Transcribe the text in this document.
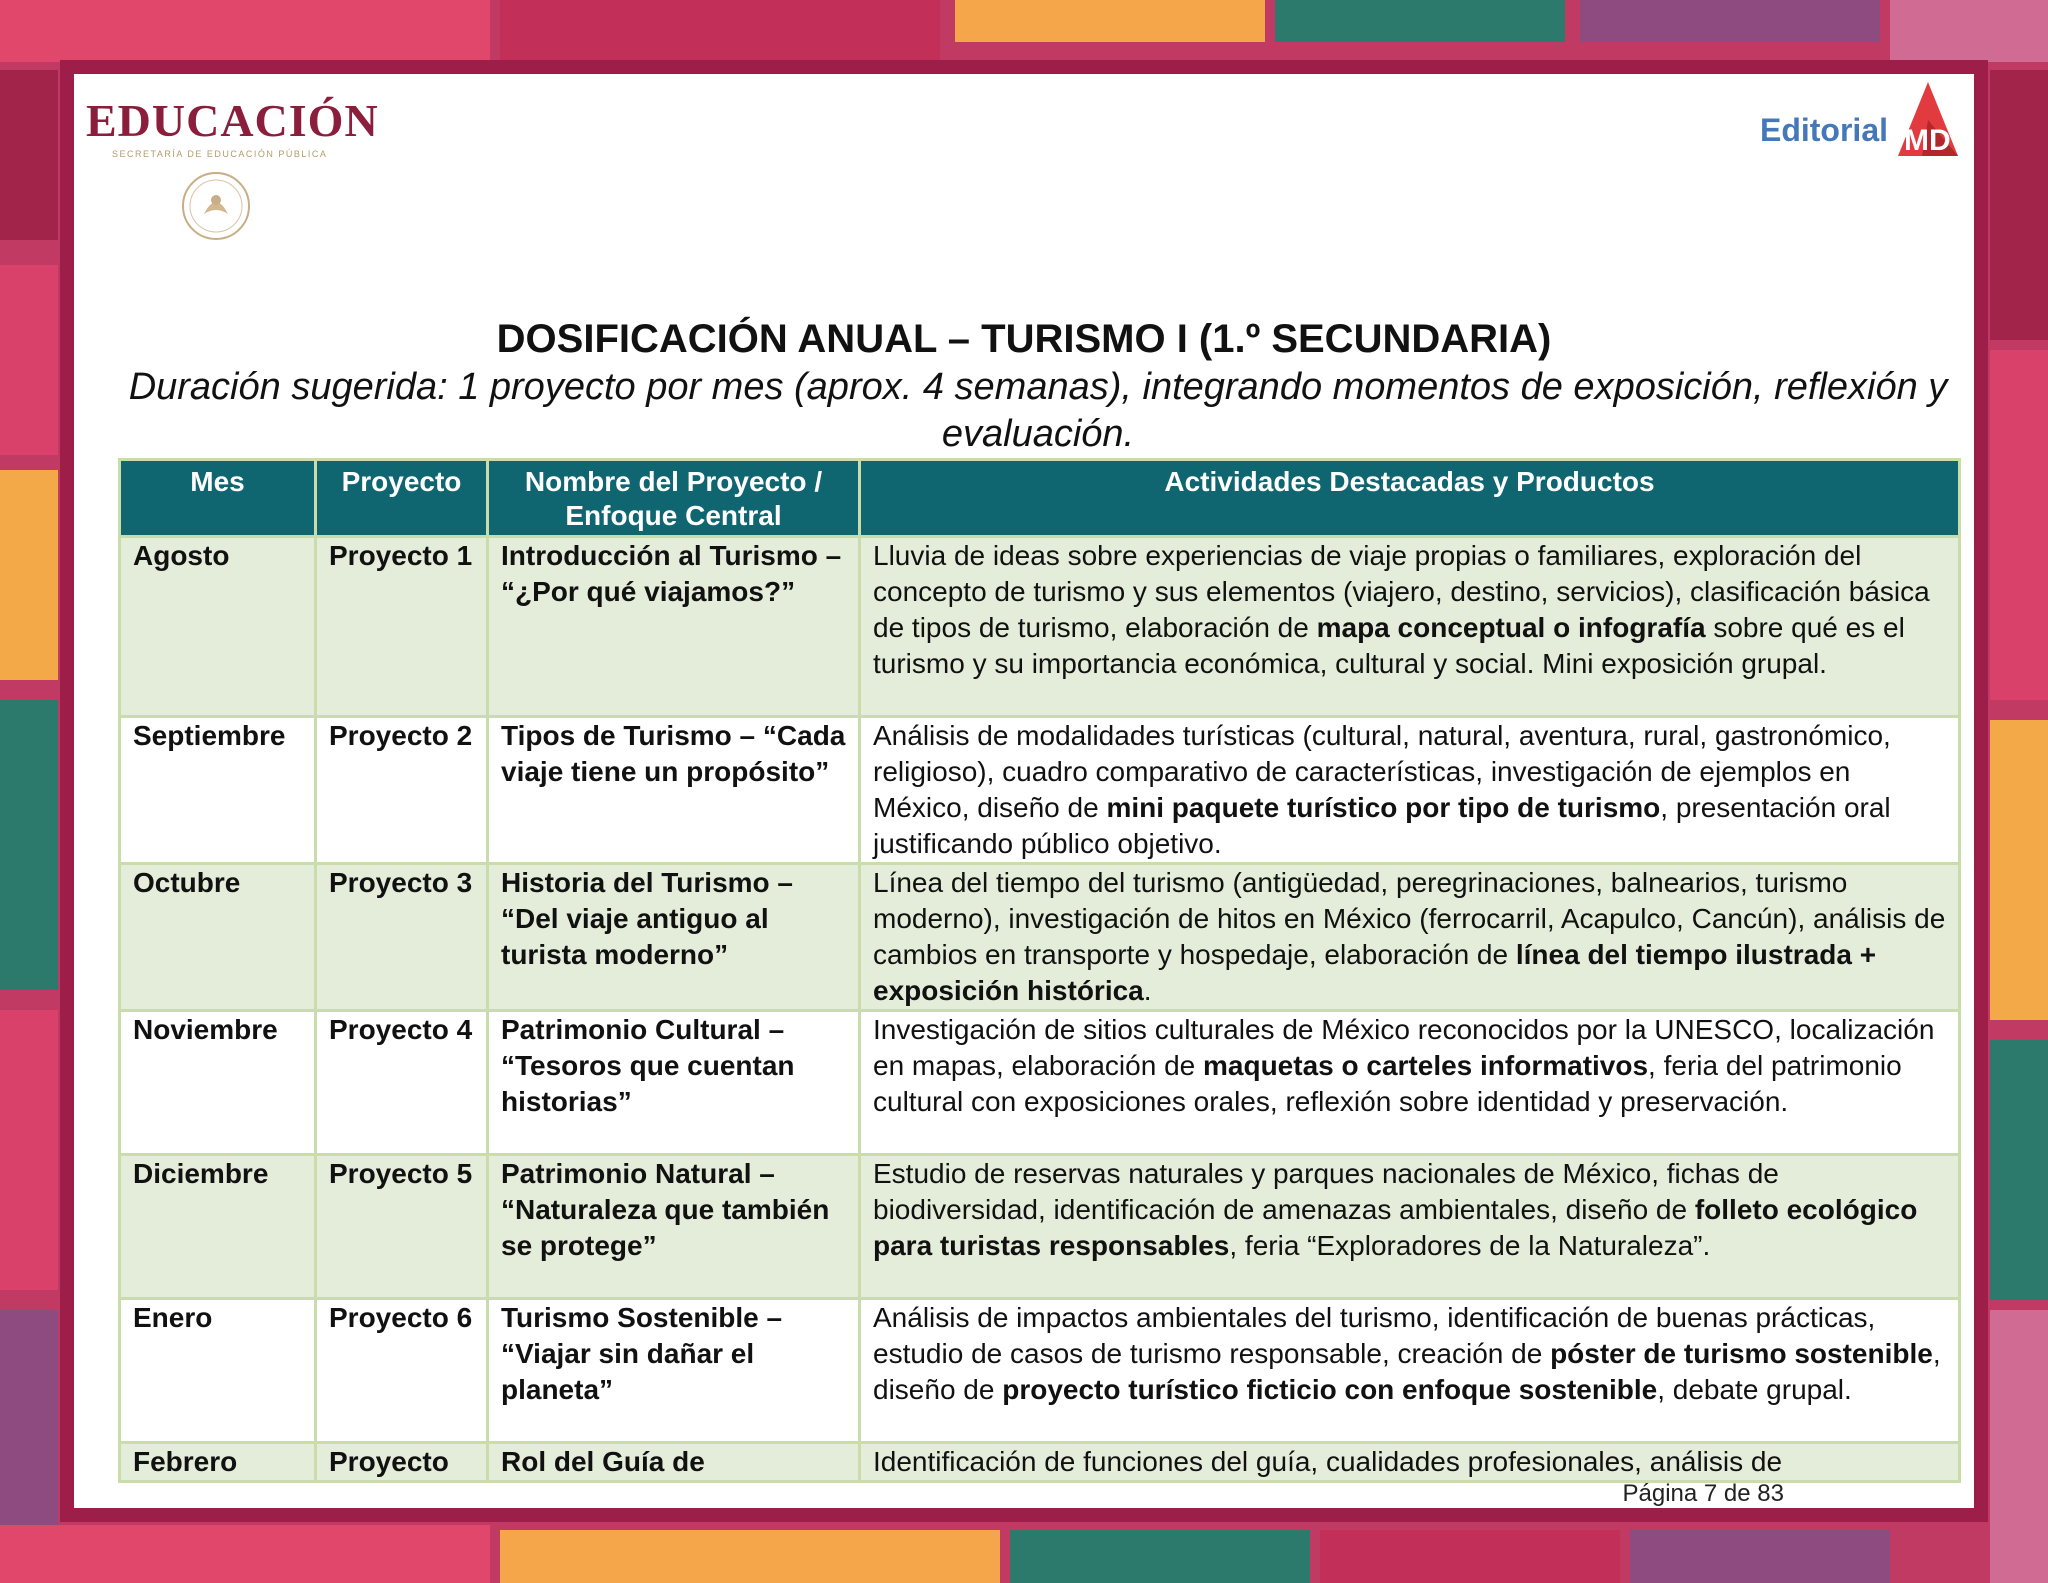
EDUCACIÓN
SECRETARÍA DE EDUCACIÓN PÚBLICA
Editorial MD
DOSIFICACIÓN ANUAL – TURISMO I (1.º SECUNDARIA)
Duración sugerida: 1 proyecto por mes (aprox. 4 semanas), integrando momentos de exposición, reflexión y evaluación.
Mes	Proyecto	Nombre del Proyecto / Enfoque Central	Actividades Destacadas y Productos
Agosto	Proyecto 1	Introducción al Turismo – “¿Por qué viajamos?”	Lluvia de ideas sobre experiencias de viaje propias o familiares, exploración del concepto de turismo y sus elementos (viajero, destino, servicios), clasificación básica de tipos de turismo, elaboración de mapa conceptual o infografía sobre qué es el turismo y su importancia económica, cultural y social. Mini exposición grupal.
Septiembre	Proyecto 2	Tipos de Turismo – “Cada viaje tiene un propósito”	Análisis de modalidades turísticas (cultural, natural, aventura, rural, gastronómico, religioso), cuadro comparativo de características, investigación de ejemplos en México, diseño de mini paquete turístico por tipo de turismo, presentación oral justificando público objetivo.
Octubre	Proyecto 3	Historia del Turismo – “Del viaje antiguo al turista moderno”	Línea del tiempo del turismo (antigüedad, peregrinaciones, balnearios, turismo moderno), investigación de hitos en México (ferrocarril, Acapulco, Cancún), análisis de cambios en transporte y hospedaje, elaboración de línea del tiempo ilustrada + exposición histórica.
Noviembre	Proyecto 4	Patrimonio Cultural – “Tesoros que cuentan historias”	Investigación de sitios culturales de México reconocidos por la UNESCO, localización en mapas, elaboración de maquetas o carteles informativos, feria del patrimonio cultural con exposiciones orales, reflexión sobre identidad y preservación.
Diciembre	Proyecto 5	Patrimonio Natural – “Naturaleza que también se protege”	Estudio de reservas naturales y parques nacionales de México, fichas de biodiversidad, identificación de amenazas ambientales, diseño de folleto ecológico para turistas responsables, feria “Exploradores de la Naturaleza”.
Enero	Proyecto 6	Turismo Sostenible – “Viajar sin dañar el planeta”	Análisis de impactos ambientales del turismo, identificación de buenas prácticas, estudio de casos de turismo responsable, creación de póster de turismo sostenible, diseño de proyecto turístico ficticio con enfoque sostenible, debate grupal.
Febrero	Proyecto	Rol del Guía de	Identificación de funciones del guía, cualidades profesionales, análisis de
Página 7 de 83
